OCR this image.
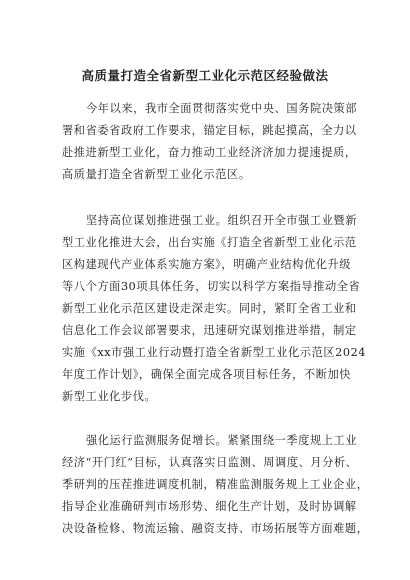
高质量打造全省新型工业化示范区经验做法
今年以来，我市全面贯彻落实党中央、国务院决策部
署和省委省政府工作要求，锚定目标，跳起摸高，全力以
赴推进新型工业化，奋力推动工业经济济加力提速提质，
高质量打造全省新型工业化示范区。
坚持高位谋划推进强工业。组织召开全市强工业暨新
型工业化推进大会，出台实施《打造全省新型工业化示范
区构建现代产业体系实施方案》，明确产业结构优化升级
等八个方面30项具体任务，切实以科学方案指导推动全省
新型工业化示范区建设走深走实。同时，紧盯全省工业和
信息化工作会议部署要求，迅速研究谋划推进举措，制定
实施《xx市强工业行动暨打造全省新型工业化示范区2024
年度工作计划》，确保全面完成各项目标任务，不断加快
新型工业化步伐。
强化运行监测服务促增长。紧紧围绕一季度规上工业
经济“开门红”目标，认真落实日监测、周调度、月分析、
季研判的压茬推进调度机制，精准监测服务规上工业企业，
指导企业准确研判市场形势、细化生产计划，及时协调解
决设备检修、物流运输、融资支持、市场拓展等方面难题，
